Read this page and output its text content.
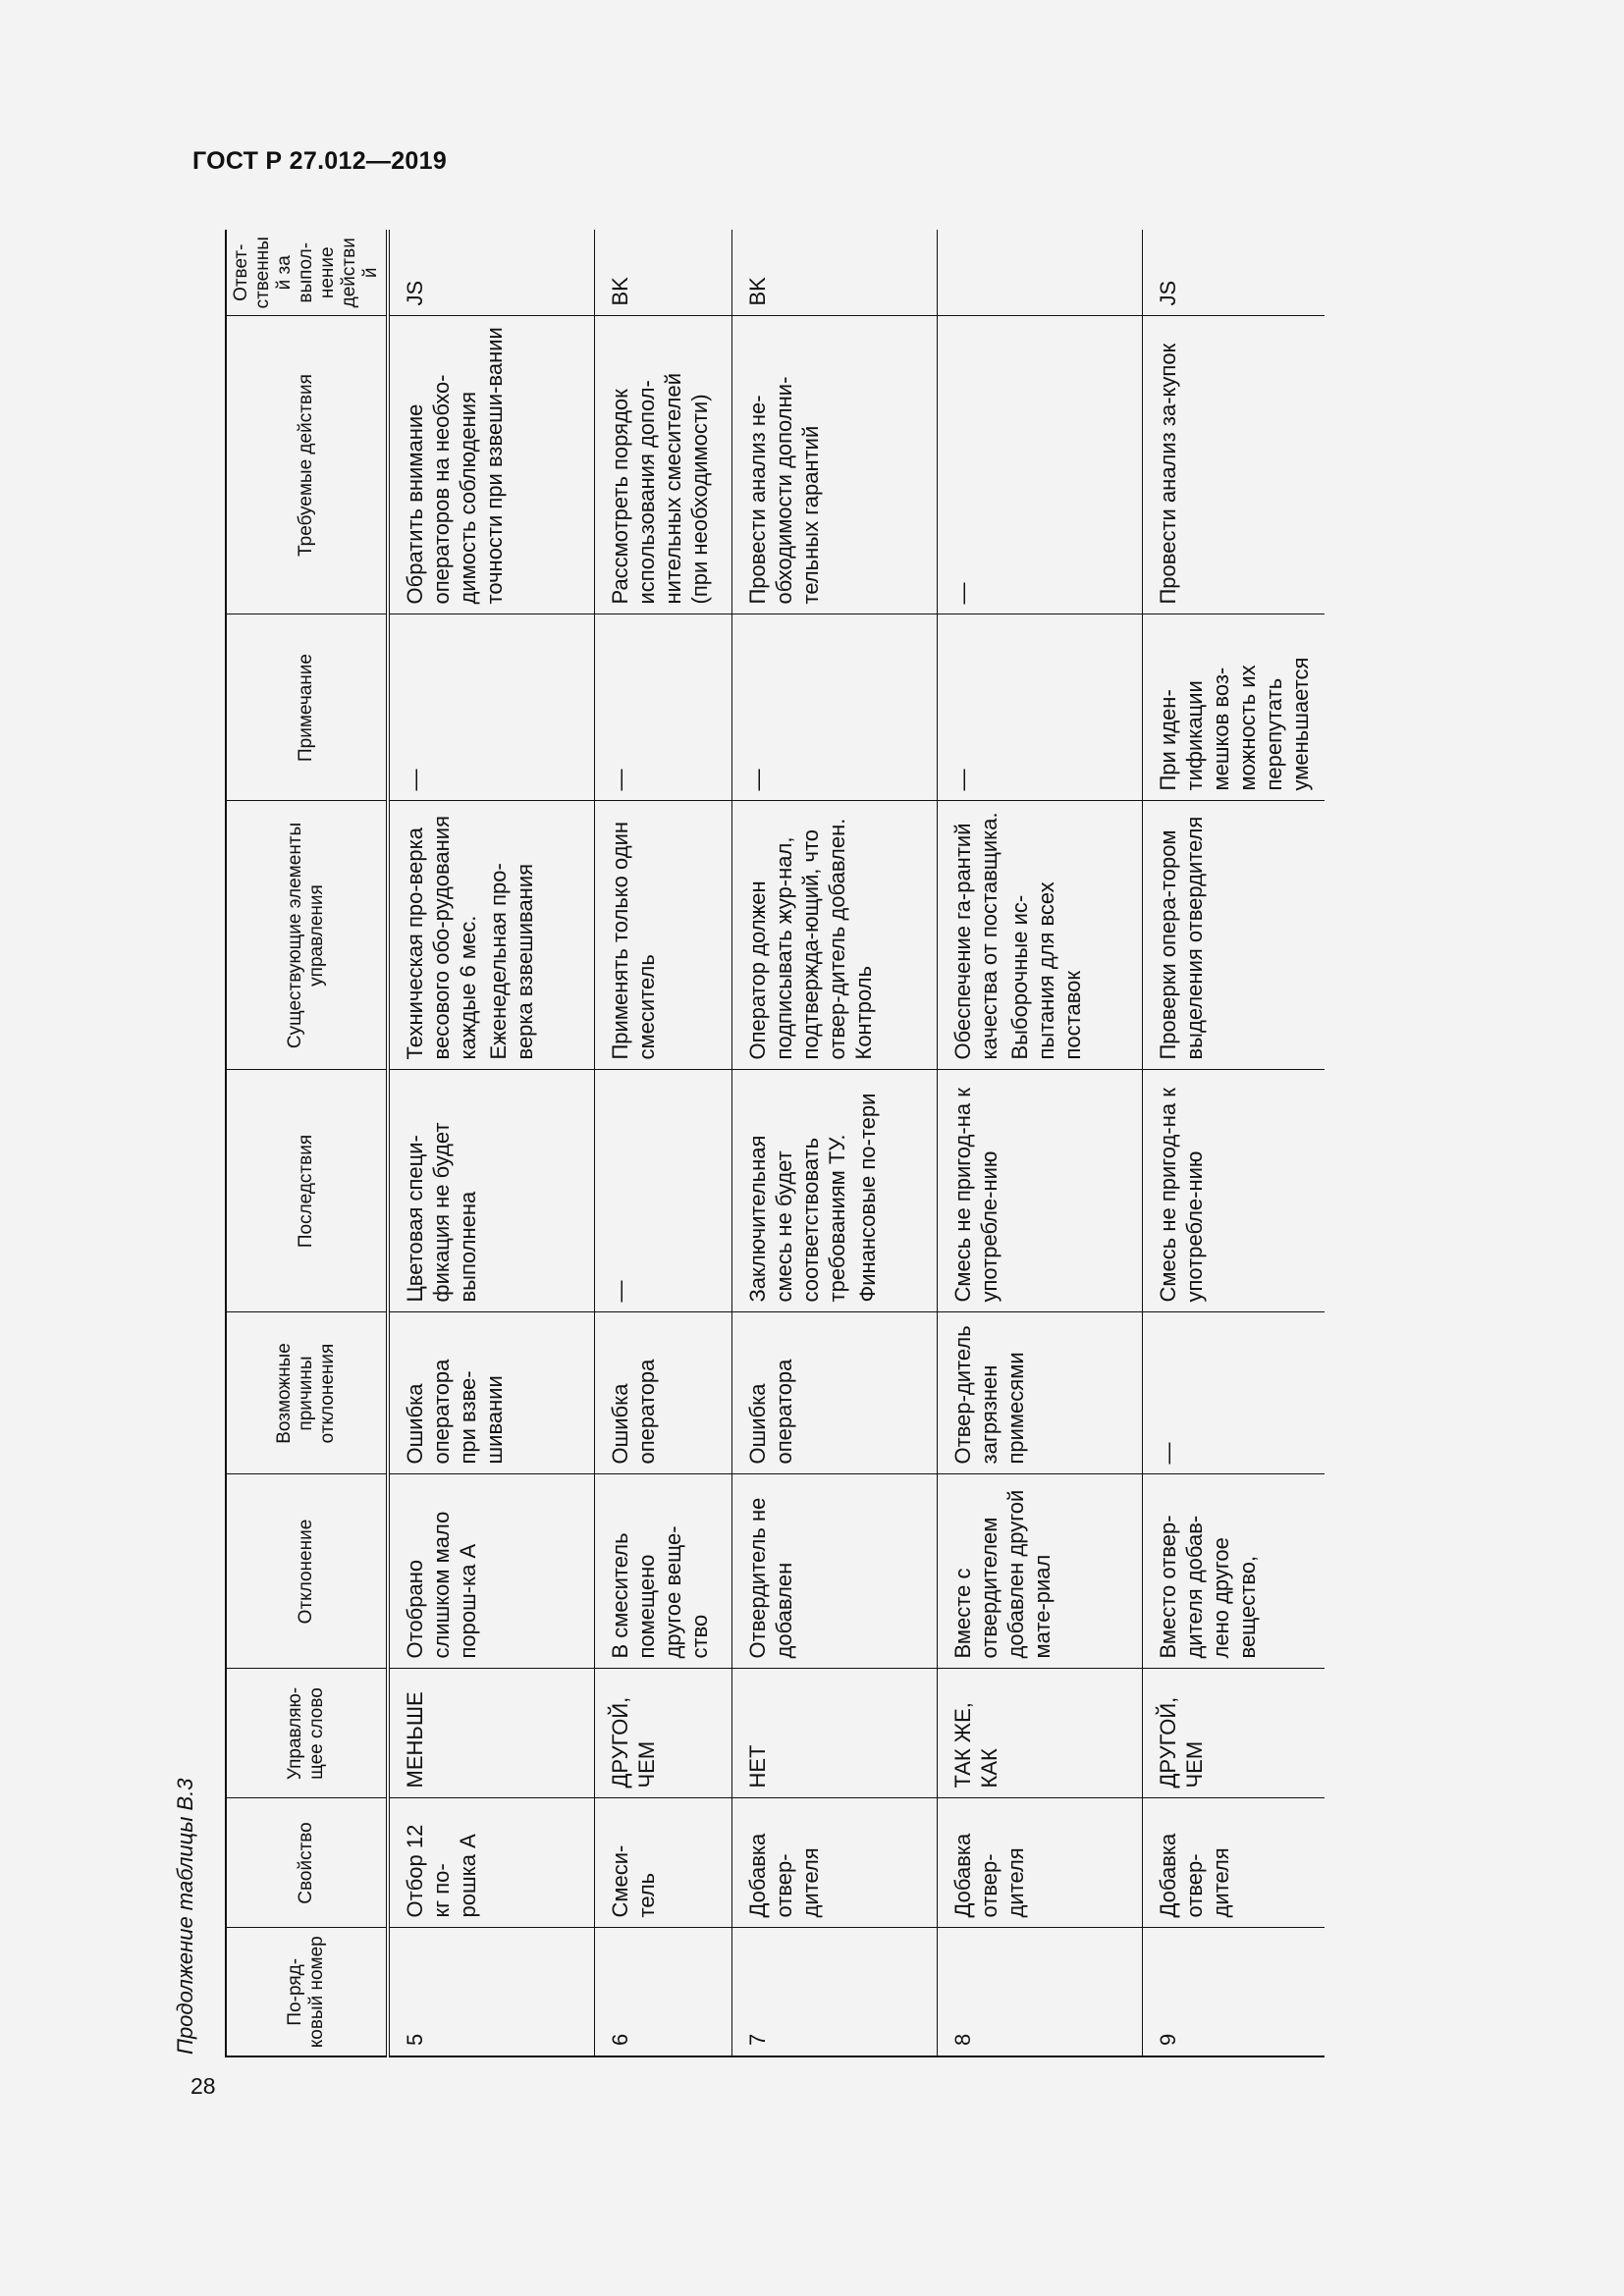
ГОСТ Р 27.012—2019
Продолжение таблицы В.3
28
По-ряд-ковый номер	Свойство	Управляю-щее слово	Отклонение	Возможные причины отклонения	Последствия	Существующие элементы управления	Примечание	Требуемые действия	Ответ-ственный за выпол-нение действий
5	Отбор 12 кг по-рошка А	МЕНЬШЕ	Отобрано слишком мало порош-ка А	Ошибка оператора при взве-шивании	Цветовая специ-фикация не будет выполнена	Техническая про-верка весового обо-рудования каждые 6 мес. Еженедельная про-верка взвешивания	—	Обратить внимание операторов на необхо-димость соблюдения точности при взвеши-вании	JS
6	Смеси-тель	ДРУГОЙ, ЧЕМ	В смеситель помещено другое веще-ство	Ошибка оператора	—	Применять только один смеситель	—	Рассмотреть порядок использования допол-нительных смесителей (при необходимости)	BK
7	Добавка отвер-дителя	НЕТ	Отвердитель не добавлен	Ошибка оператора	Заключительная смесь не будет соответствовать требованиям ТУ. Финансовые по-тери	Оператор должен подписывать жур-нал, подтвержда-ющий, что отвер-дитель добавлен. Контроль	—	Провести анализ не-обходимости дополни-тельных гарантий	BK
8	Добавка отвер-дителя	ТАК ЖЕ, КАК	Вместе с отвердителем добавлен другой мате-риал	Отвер-дитель загрязнен примесями	Смесь не пригод-на к употребле-нию	Обеспечение га-рантий качества от поставщика. Выборочные ис-пытания для всех поставок	—	—	
9	Добавка отвер-дителя	ДРУГОЙ, ЧЕМ	Вместо отвер-дителя добав-лено другое вещество,	—	Смесь не пригод-на к употребле-нию	Проверки опера-тором выделения отвердителя	При иден-тификации мешков воз-можность их перепутать уменьшается	Провести анализ за-купок	JS
